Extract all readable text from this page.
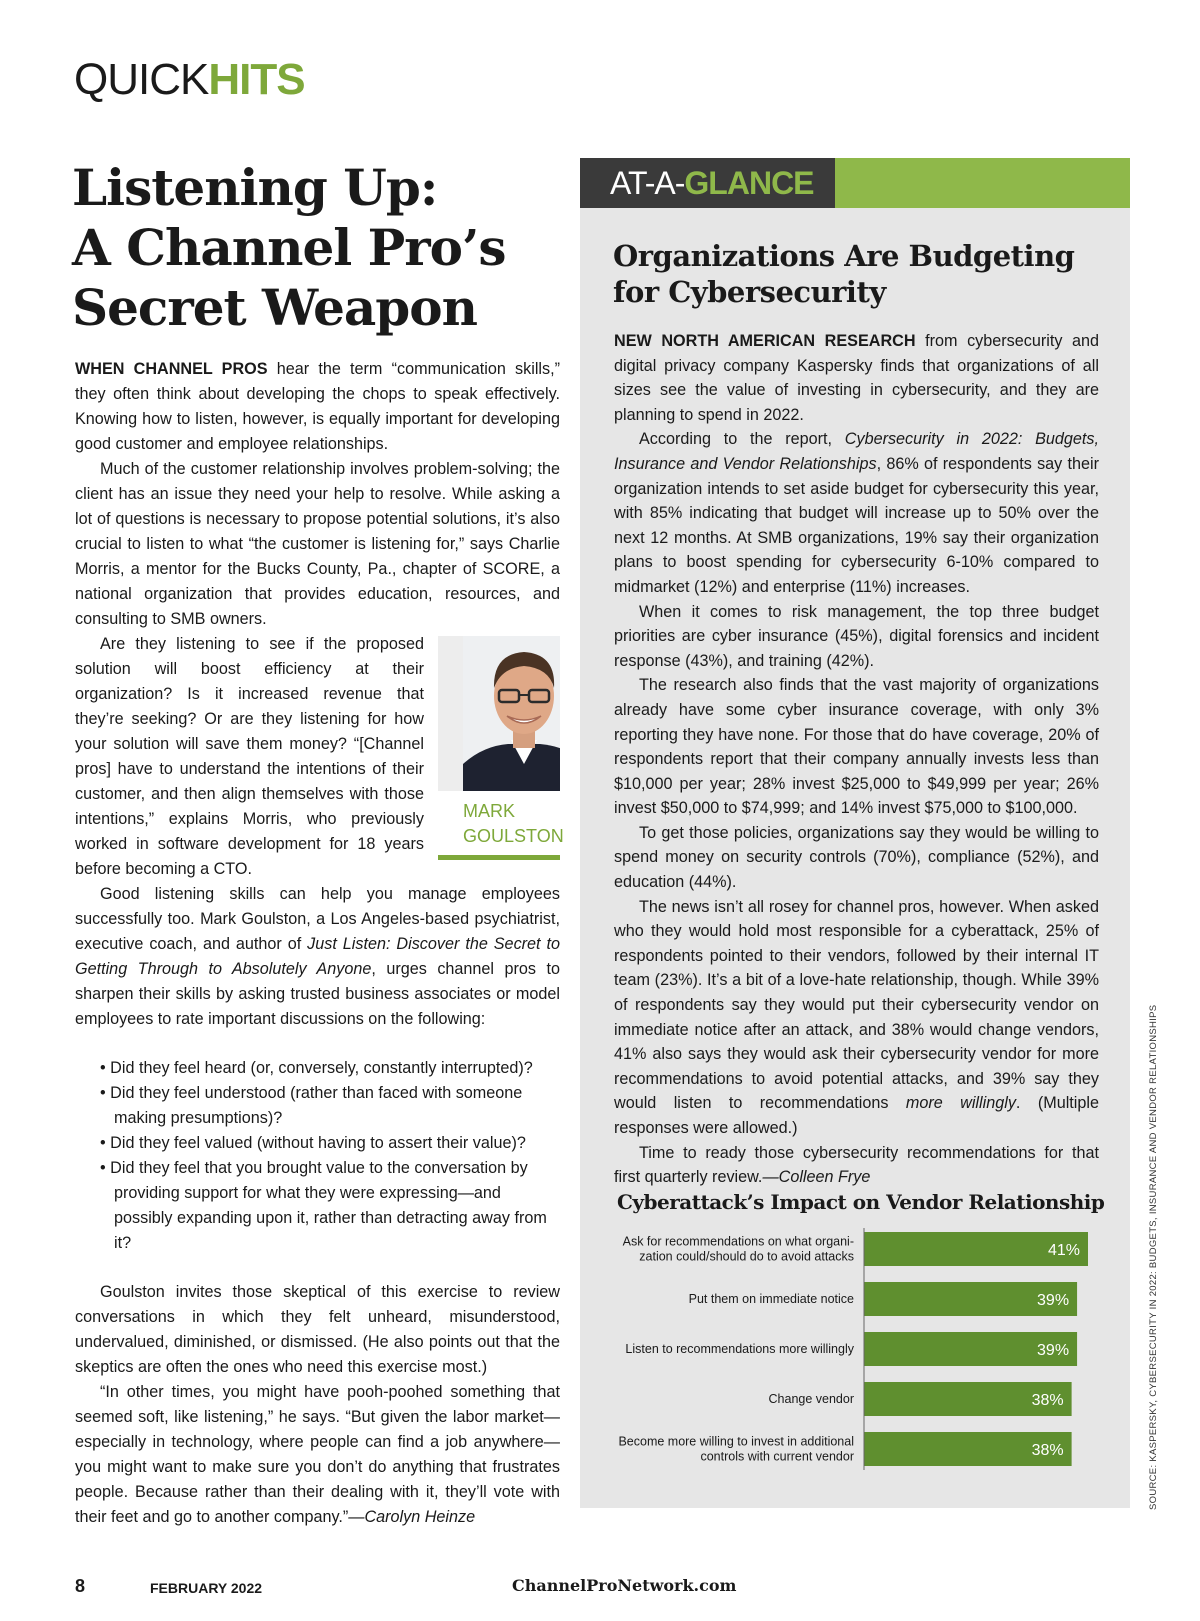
QUICKHITS
Listening Up:
A Channel Pro’s
Secret Weapon

WHEN CHANNEL PROS hear the term “communication skills,” they often think about developing the chops to speak effectively. Knowing how to listen, however, is equally important for developing good customer and employee relationships.

Much of the customer relationship involves problem-solving; the client has an issue they need your help to resolve. While asking a lot of questions is necessary to propose potential solutions, it’s also crucial to listen to what “the customer is listening for,” says Charlie Morris, a mentor for the Bucks County, Pa., chapter of SCORE, a national organization that provides education, resources, and consulting to SMB owners.

MARK
GOULSTON
Are they listening to see if the proposed solution will boost efficiency at their organization? Is it increased revenue that they’re seeking? Or are they listening for how your solution will save them money? “[Channel pros] have to understand the intentions of their customer, and then align themselves with those intentions,” explains Morris, who previously worked in software development for 18 years before becoming a CTO.

Good listening skills can help you manage employees successfully too. Mark Goulston, a Los Angeles-based psychiatrist, executive coach, and author of Just Listen: Discover the Secret to Getting Through to Absolutely Anyone, urges channel pros to sharpen their skills by asking trusted business associates or model employees to rate important discussions on the following:

• Did they feel heard (or, conversely, constantly interrupted)?
• Did they feel understood (rather than faced with someone making presumptions)?
• Did they feel valued (without having to assert their value)?
• Did they feel that you brought value to the conversation by providing support for what they were expressing—and possibly expanding upon it, rather than detracting away from it?

Goulston invites those skeptical of this exercise to review conversations in which they felt unheard, misunderstood, undervalued, diminished, or dismissed. (He also points out that the skeptics are often the ones who need this exercise most.)

“In other times, you might have pooh-poohed something that seemed soft, like listening,” he says. “But given the labor market—especially in technology, where people can find a job anywhere—you might want to make sure you don’t do anything that frustrates people. Because rather than their dealing with it, they’ll vote with their feet and go to another company.”—Carolyn Heinze

AT-A-GLANCE
Organizations Are Budgeting
for Cybersecurity

NEW NORTH AMERICAN RESEARCH from cybersecurity and digital privacy company Kaspersky finds that organizations of all sizes see the value of investing in cybersecurity, and they are planning to spend in 2022.

According to the report, Cybersecurity in 2022: Budgets, Insurance and Vendor Relationships, 86% of respondents say their organization intends to set aside budget for cybersecurity this year, with 85% indicating that budget will increase up to 50% over the next 12 months. At SMB organizations, 19% say their organization plans to boost spending for cybersecurity 6-10% compared to midmarket (12%) and enterprise (11%) increases.

When it comes to risk management, the top three budget priorities are cyber insurance (45%), digital forensics and incident response (43%), and training (42%).

The research also finds that the vast majority of organizations already have some cyber insurance coverage, with only 3% reporting they have none. For those that do have coverage, 20% of respondents report that their company annually invests less than $10,000 per year; 28% invest $25,000 to $49,999 per year; 26% invest $50,000 to $74,999; and 14% invest $75,000 to $100,000.

To get those policies, organizations say they would be willing to spend money on security controls (70%), compliance (52%), and education (44%).

The news isn’t all rosey for channel pros, however. When asked who they would hold most responsible for a cyberattack, 25% of respondents pointed to their vendors, followed by their internal IT team (23%). It’s a bit of a love-hate relationship, though. While 39% of respondents say they would put their cybersecurity vendor on immediate notice after an attack, and 38% would change vendors, 41% also says they would ask their cybersecurity vendor for more recommendations to avoid potential attacks, and 39% say they would listen to recommendations more willingly. (Multiple responses were allowed.)

Time to ready those cybersecurity recommendations for that first quarterly review.—Colleen Frye

Cyberattack’s Impact on Vendor Relationship
41%
Ask for recommendations on what organi-zation could/should do to avoid attacks
39%
Put them on immediate notice
39%
Listen to recommendations more willingly
38%
Change vendor
38%
Become more willing to invest in additional controls with current vendor	SOURCE: KASPERSKY, CYBERSECURITY IN 2022: BUDGETS, INSURANCE AND VENDOR RELATIONSHIPS
8	FEBRUARY 2022	ChannelProNetwork.com
